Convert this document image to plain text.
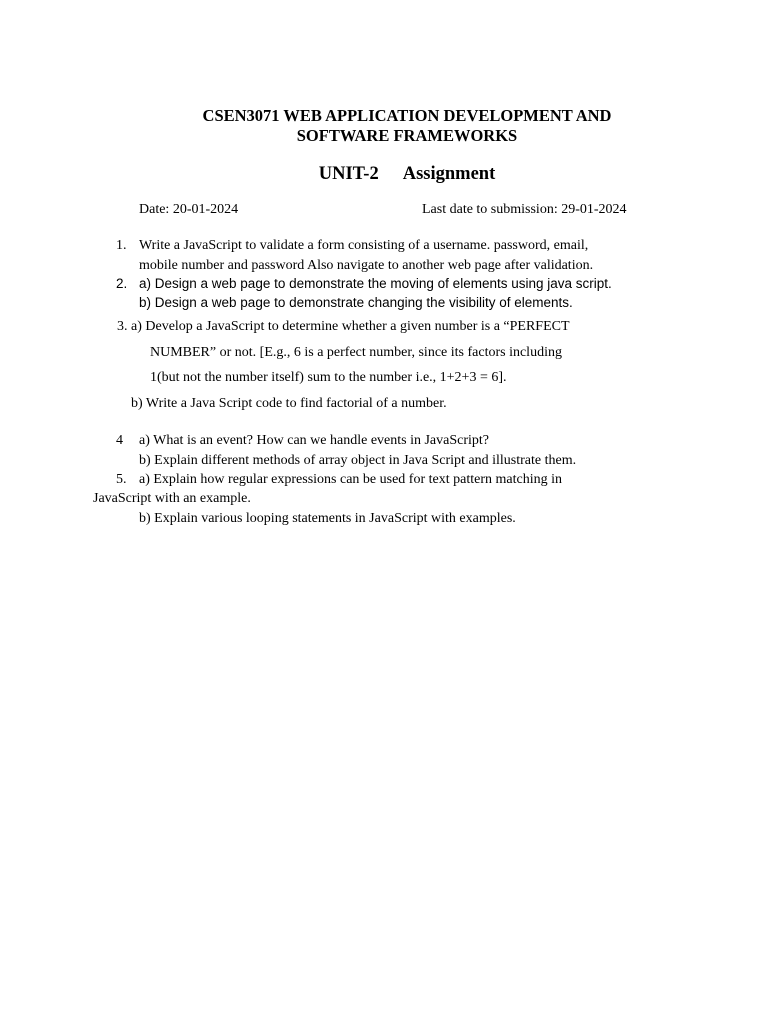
CSEN3071 WEB APPLICATION DEVELOPMENT AND
SOFTWARE FRAMEWORKS
UNIT-2 Assignment
Date: 20-01-2024	Last date to submission: 29-01-2024
1. Write a JavaScript to validate a form consisting of a username. password, email,
mobile number and password Also navigate to another web page after validation.
2. a) Design a web page to demonstrate the moving of elements using java script.
b) Design a web page to demonstrate changing the visibility of elements.
3. a) Develop a JavaScript to determine whether a given number is a “PERFECT
NUMBER” or not. [E.g., 6 is a perfect number, since its factors including
1(but not the number itself) sum to the number i.e., 1+2+3 = 6].
b) Write a Java Script code to find factorial of a number.
4 a) What is an event? How can we handle events in JavaScript?
b) Explain different methods of array object in Java Script and illustrate them.
5. a) Explain how regular expressions can be used for text pattern matching in
JavaScript with an example.
b) Explain various looping statements in JavaScript with examples.
